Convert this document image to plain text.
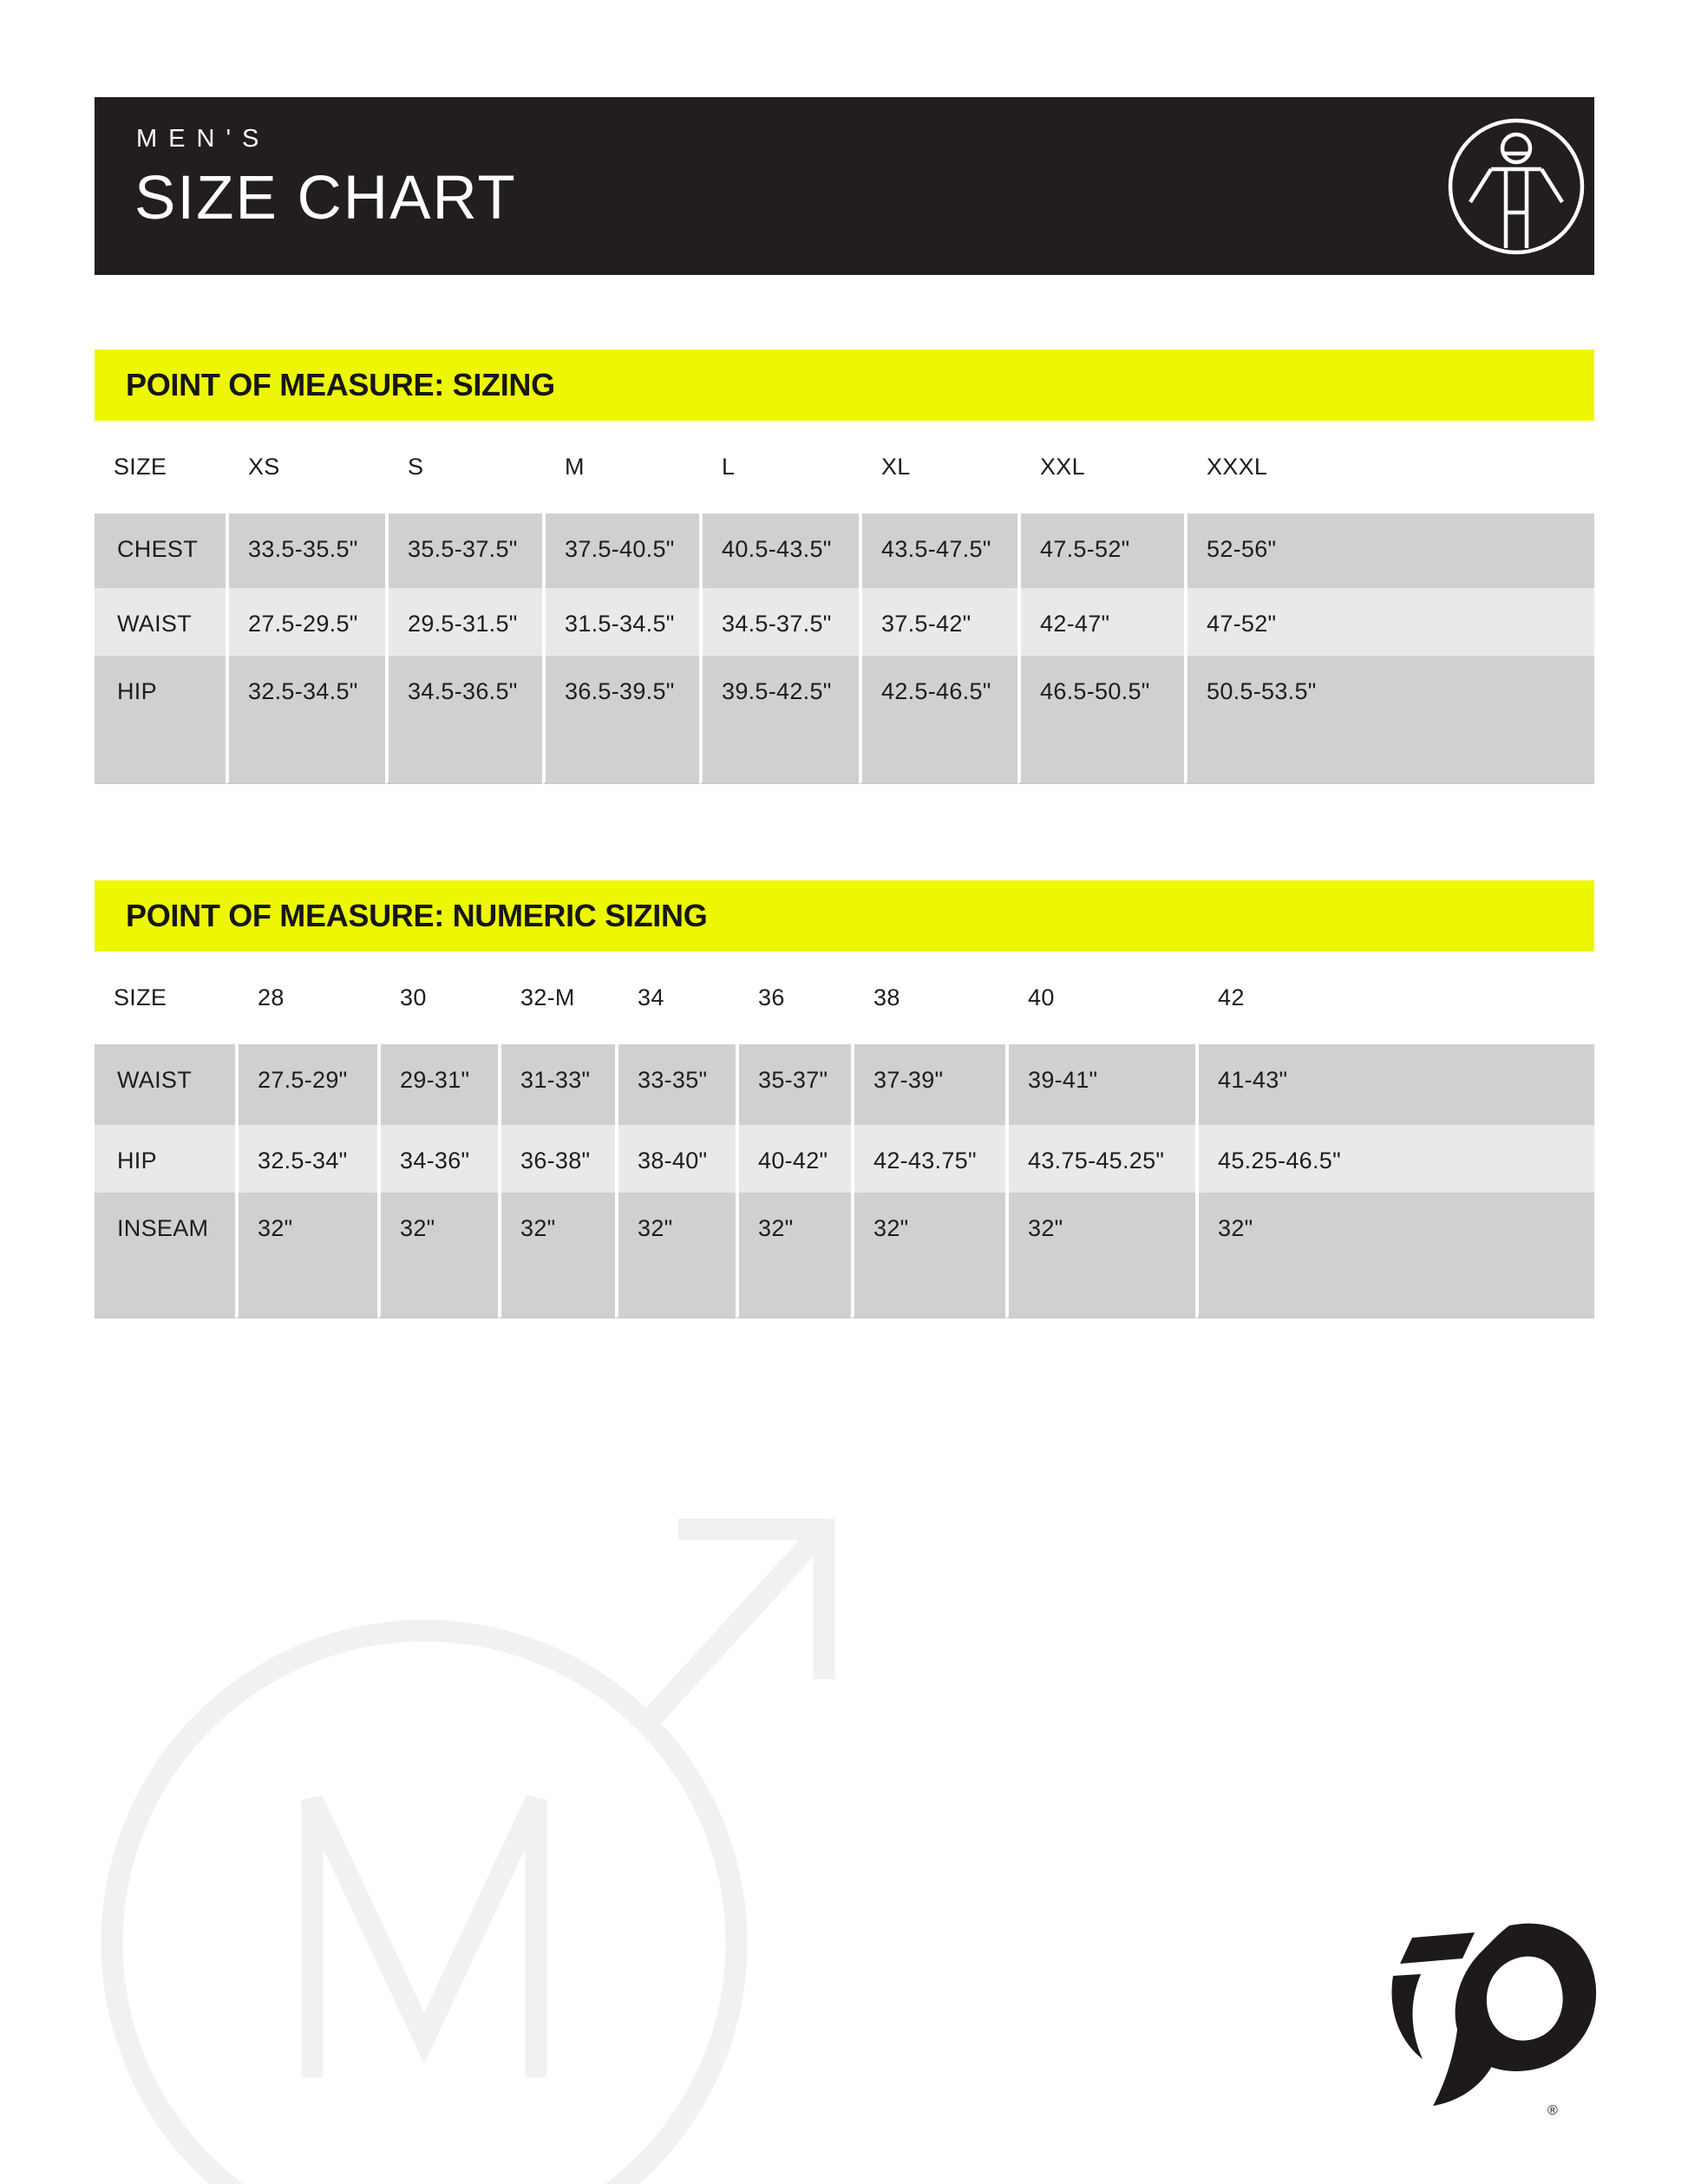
MEN'S
SIZE CHART
POINT OF MEASURE: SIZING
SIZE	XS	S	M	L	XL	XXL	XXXL
CHEST	33.5-35.5"	35.5-37.5"	37.5-40.5"	40.5-43.5"	43.5-47.5"	47.5-52"	52-56"
WAIST	27.5-29.5"	29.5-31.5"	31.5-34.5"	34.5-37.5"	37.5-42"	42-47"	47-52"
HIP	32.5-34.5"	34.5-36.5"	36.5-39.5"	39.5-42.5"	42.5-46.5"	46.5-50.5"	50.5-53.5"
POINT OF MEASURE: NUMERIC SIZING
SIZE	28	30	32-M	34	36	38	40	42
WAIST	27.5-29"	29-31"	31-33"	33-35"	35-37"	37-39"	39-41"	41-43"
HIP	32.5-34"	34-36"	36-38"	38-40"	40-42"	42-43.75"	43.75-45.25"	45.25-46.5"
INSEAM	32"	32"	32"	32"	32"	32"	32"	32"
®
